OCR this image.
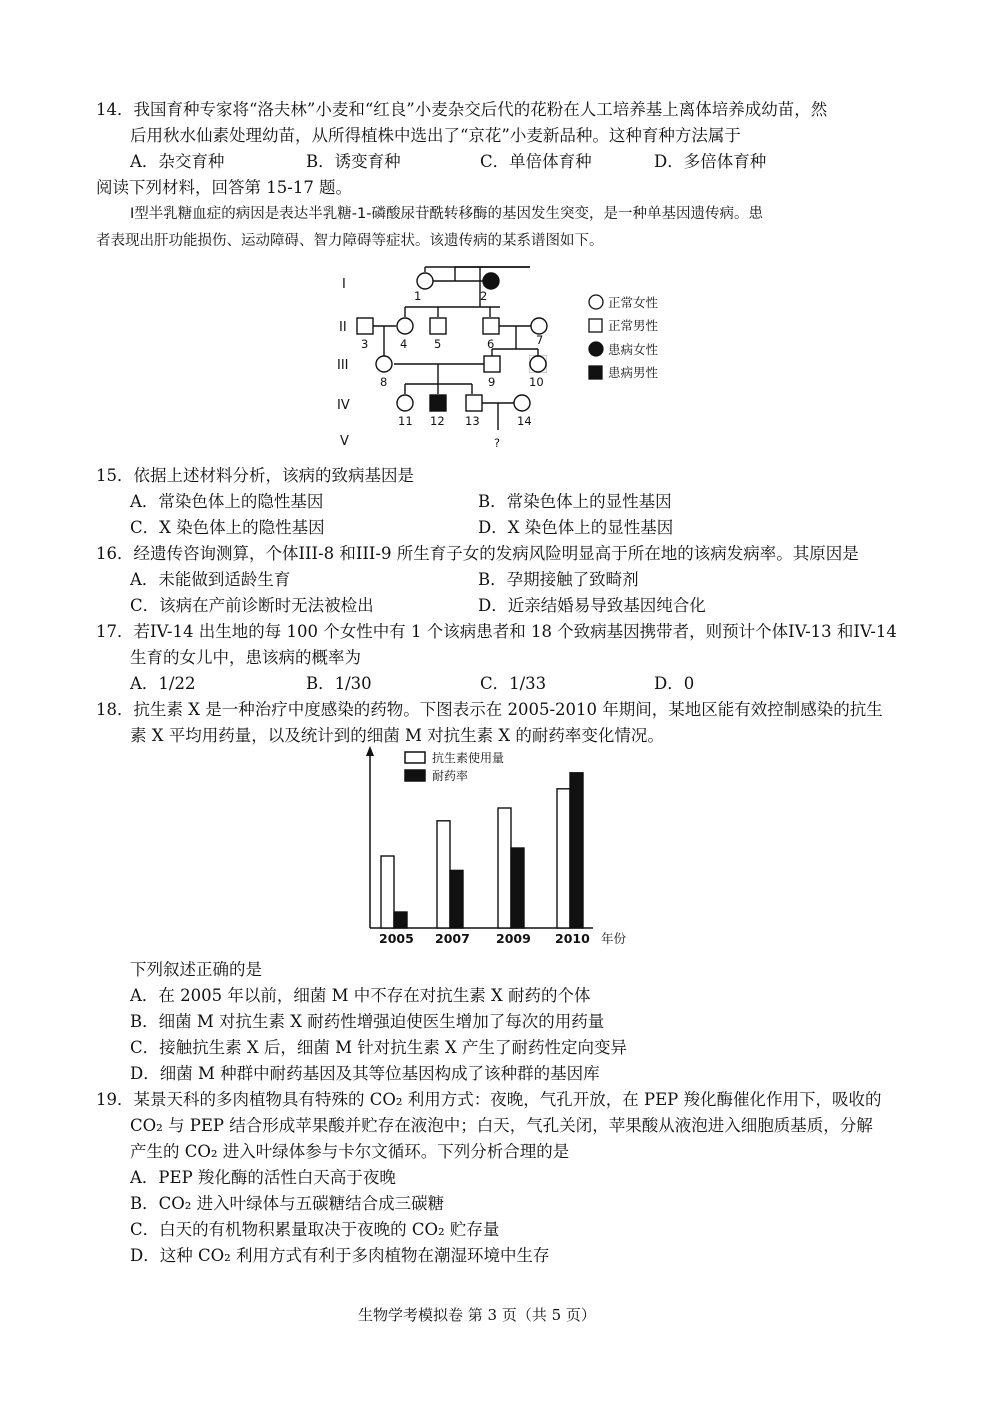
14．我国育种专家将“洛夫林”小麦和“红良”小麦杂交后代的花粉在人工培养基上离体培养成幼苗，然
后用秋水仙素处理幼苗，从所得植株中选出了“京花”小麦新品种。这种育种方法属于
A．杂交育种	B．诱变育种	C．单倍体育种	D．多倍体育种
阅读下列材料，回答第 15-17 题。
I型半乳糖血症的病因是表达半乳糖-1-磷酸尿苷酰转移酶的基因发生突变，是一种单基因遗传病。患
者表现出肝功能损伤、运动障碍、智力障碍等症状。该遗传病的某系谱图如下。
I
II
III
IV
V
1	2
3	4 5	6	7
8	9	10
11 12 13	14
?
正常女性
正常男性
患病女性
患病男性
15．依据上述材料分析，该病的致病基因是
A．常染色体上的隐性基因	B．常染色体上的显性基因
C．X 染色体上的隐性基因	D．X 染色体上的显性基因
16．经遗传咨询测算，个体III-8 和III-9 所生育子女的发病风险明显高于所在地的该病发病率。其原因是
A．未能做到适龄生育	B．孕期接触了致畸剂
C．该病在产前诊断时无法被检出	D．近亲结婚易导致基因纯合化
17．若IV-14 出生地的每 100 个女性中有 1 个该病患者和 18 个致病基因携带者，则预计个体IV-13 和IV-14
生育的女儿中，患该病的概率为
A．1/22	B．1/30	C．1/33	D．0
18．抗生素 X 是一种治疗中度感染的药物。下图表示在 2005-2010 年期间，某地区能有效控制感染的抗生
素 X 平均用药量，以及统计到的细菌 M 对抗生素 X 的耐药率变化情况。
抗生素使用量
耐药率
2005 2007 2009 2010 年份
下列叙述正确的是
A．在 2005 年以前，细菌 M 中不存在对抗生素 X 耐药的个体
B．细菌 M 对抗生素 X 耐药性增强迫使医生增加了每次的用药量
C．接触抗生素 X 后，细菌 M 针对抗生素 X 产生了耐药性定向变异
D．细菌 M 种群中耐药基因及其等位基因构成了该种群的基因库
19．某景天科的多肉植物具有特殊的 CO₂ 利用方式：夜晚，气孔开放，在 PEP 羧化酶催化作用下，吸收的
CO₂ 与 PEP 结合形成苹果酸并贮存在液泡中；白天，气孔关闭，苹果酸从液泡进入细胞质基质，分解
产生的 CO₂ 进入叶绿体参与卡尔文循环。下列分析合理的是
A．PEP 羧化酶的活性白天高于夜晚
B．CO₂ 进入叶绿体与五碳糖结合成三碳糖
C．白天的有机物积累量取决于夜晚的 CO₂ 贮存量
D．这种 CO₂ 利用方式有利于多肉植物在潮湿环境中生存
生物学考模拟卷 第 3 页（共 5 页）
